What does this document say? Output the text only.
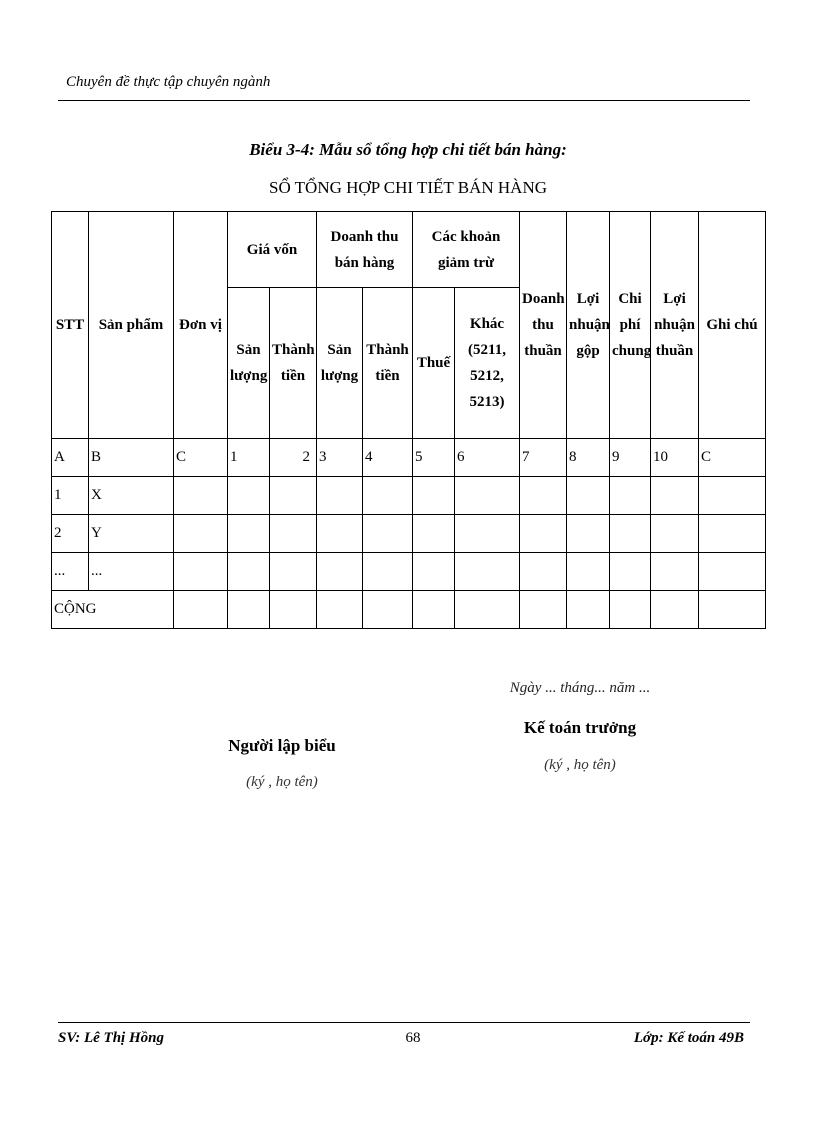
Chuyên đề thực tập chuyên ngành
Biểu 3-4: Mẫu sổ tổng hợp chi tiết bán hàng:
SỔ TỔNG HỢP CHI TIẾT BÁN HÀNG
STT	Sản phẩm	Đơn vị	Giá vốn		Doanh thu bán hàng		Các khoản giảm trừ		Doanh thu thuần	Lợi nhuận gộp	Chi phí chung	Lợi nhuận thuần	Ghi chú
			Sản lượng	Thành tiền	Sản lượng	Thành tiền	Thuế	Khác (5211, 5212, 5213)					
A	B	C	1	2	3	4	5	6	7	8	9	10	C
1	X												
2	Y												
...	...												
CỘNG													
Ngày ... tháng... năm ...
Kế toán trưởng
(ký , họ tên)
Người lập biểu
(ký , họ tên)
SV: Lê Thị Hồng	68	Lớp: Kế toán 49B
